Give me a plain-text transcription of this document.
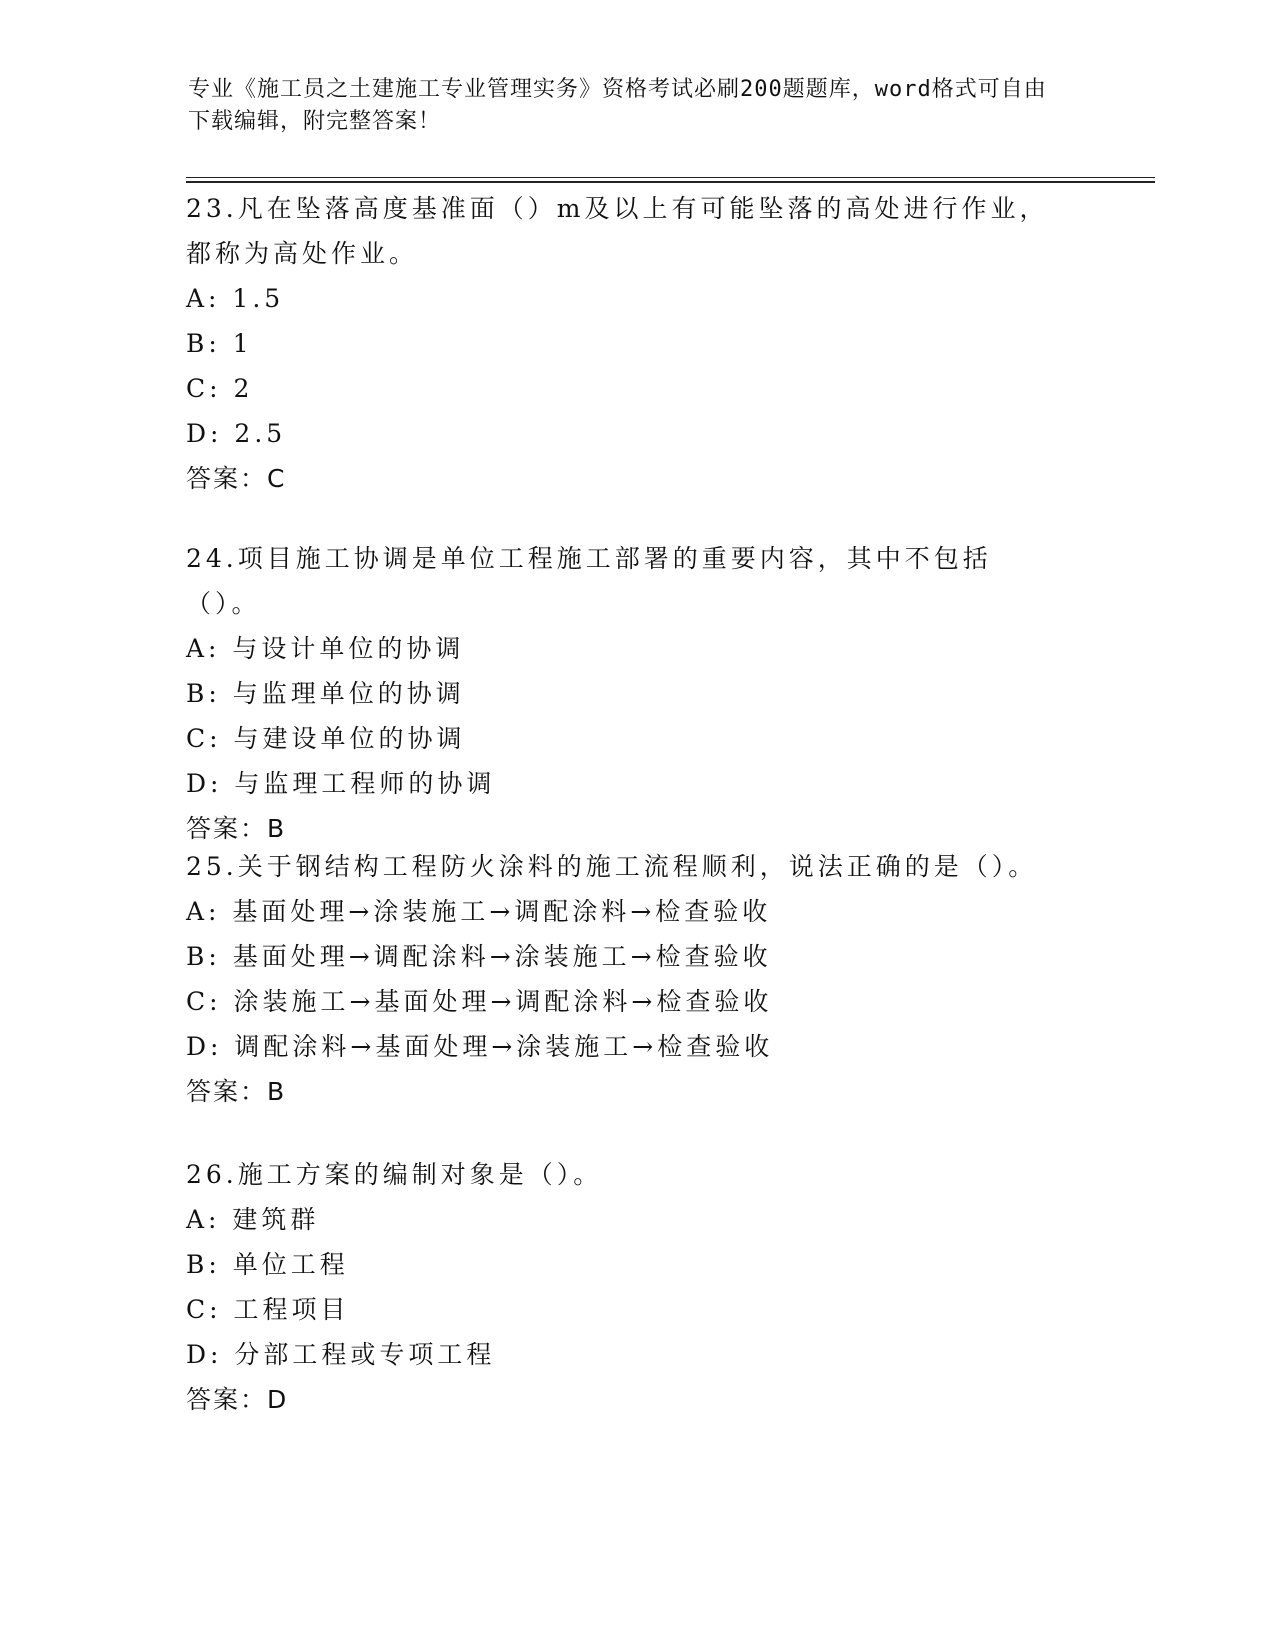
专业《施工员之土建施工专业管理实务》资格考试必刷200题题库，word格式可自由下载编辑，附完整答案！

23.凡在坠落高度基准面（）m及以上有可能坠落的高处进行作业，都称为高处作业。

A: 1.5

B: 1

C: 2

D: 2.5

答案：C

24.项目施工协调是单位工程施工部署的重要内容，其中不包括（）。

A: 与设计单位的协调

B: 与监理单位的协调

C: 与建设单位的协调

D: 与监理工程师的协调

答案：B

25.关于钢结构工程防火涂料的施工流程顺利，说法正确的是（）。

A: 基面处理→涂装施工→调配涂料→检查验收

B: 基面处理→调配涂料→涂装施工→检查验收

C: 涂装施工→基面处理→调配涂料→检查验收

D: 调配涂料→基面处理→涂装施工→检查验收

答案：B

26.施工方案的编制对象是（）。

A: 建筑群

B: 单位工程

C: 工程项目

D: 分部工程或专项工程

答案：D
